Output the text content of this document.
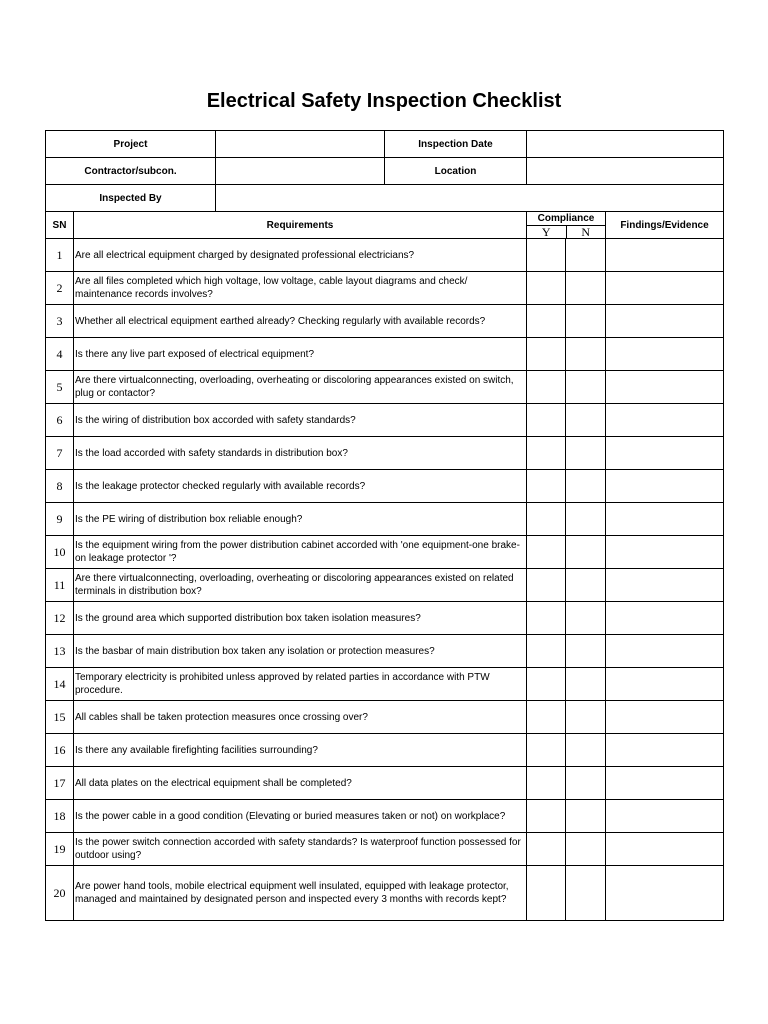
Electrical Safety Inspection Checklist
Project			Inspection Date			
Contractor/subcon.			Location			
Inspected By						
SN	Requirements			Compliance
Y N		Findings/Evidence
1	Are all electrical equipment charged by designated professional electricians?					
2	Are all files completed which high voltage, low voltage, cable layout diagrams and check/ maintenance records involves?					
3	Whether all electrical equipment earthed already? Checking regularly with available records?					
4	Is there any live part exposed of electrical equipment?					
5	Are there virtualconnecting, overloading, overheating or discoloring appearances existed on switch, plug or contactor?					
6	Is the wiring of distribution box accorded with safety standards?					
7	Is the load accorded with safety standards in distribution box?					
8	Is the leakage protector checked regularly with available records?					
9	Is the PE wiring of distribution box reliable enough?					
10	Is the equipment wiring from the power distribution cabinet accorded with 'one equipment-one brake-on leakage protector '?					
11	Are there virtualconnecting, overloading, overheating or discoloring appearances existed on related terminals in distribution box?					
12	Is the ground area which supported distribution box taken isolation measures?					
13	Is the basbar of main distribution box taken any isolation or protection measures?					
14	Temporary electricity is prohibited unless approved by related parties in accordance with PTW procedure.					
15	All cables shall be taken protection measures once crossing over?					
16	Is there any available firefighting facilities surrounding?					
17	All data plates on the electrical equipment shall be completed?					
18	Is the power cable in a good condition (Elevating or buried measures taken or not) on workplace?					
19	Is the power switch connection accorded with safety standards? Is waterproof function possessed for outdoor using?					
20	Are power hand tools, mobile electrical equipment well insulated, equipped with leakage protector, managed and maintained by designated person and inspected every 3 months with records kept?					
